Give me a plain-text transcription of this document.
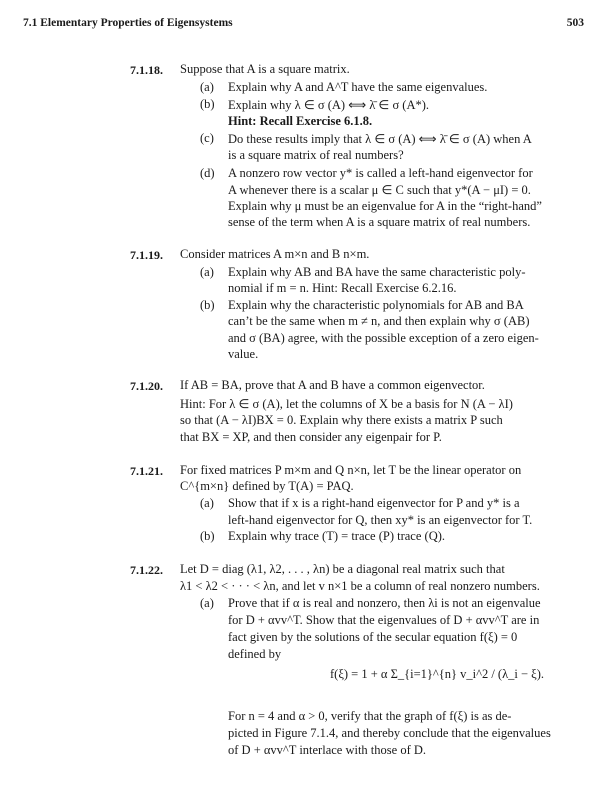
7.1 Elementary Properties of Eigensystems	503
7.1.18. Suppose that A is a square matrix.
(a) Explain why A and A^T have the same eigenvalues.
(b) Explain why λ ∈ σ (A) ⟺ λ̄ ∈ σ (A*).
Hint: Recall Exercise 6.1.8.
(c) Do these results imply that λ ∈ σ (A) ⟺ λ̄ ∈ σ (A) when A
is a square matrix of real numbers?
(d) A nonzero row vector y* is called a left-hand eigenvector for
A whenever there is a scalar μ ∈ C such that y*(A − μI) = 0.
Explain why μ must be an eigenvalue for A in the “right-hand”
sense of the term when A is a square matrix of real numbers.
7.1.19. Consider matrices A m×n and B n×m.
(a) Explain why AB and BA have the same characteristic poly-
nomial if m = n. Hint: Recall Exercise 6.2.16.
(b) Explain why the characteristic polynomials for AB and BA
can’t be the same when m ≠ n, and then explain why σ (AB)
and σ (BA) agree, with the possible exception of a zero eigen-
value.
7.1.20. If AB = BA, prove that A and B have a common eigenvector.
Hint: For λ ∈ σ (A), let the columns of X be a basis for N (A − λI)
so that (A − λI)BX = 0. Explain why there exists a matrix P such
that BX = XP, and then consider any eigenpair for P.
7.1.21. For fixed matrices P m×m and Q n×n, let T be the linear operator on
C^{m×n} defined by T(A) = PAQ.
(a) Show that if x is a right-hand eigenvector for P and y* is a
left-hand eigenvector for Q, then xy* is an eigenvector for T.
(b) Explain why trace (T) = trace (P) trace (Q).
7.1.22. Let D = diag (λ1, λ2, . . . , λn) be a diagonal real matrix such that
λ1 < λ2 < · · · < λn, and let v n×1 be a column of real nonzero numbers.
(a) Prove that if α is real and nonzero, then λi is not an eigenvalue
for D + αvv^T. Show that the eigenvalues of D + αvv^T are in
fact given by the solutions of the secular equation f(ξ) = 0
defined by
f(ξ) = 1 + α Σ_{i=1}^{n} v_i^2 / (λ_i − ξ).
For n = 4 and α > 0, verify that the graph of f(ξ) is as de-
picted in Figure 7.1.4, and thereby conclude that the eigenvalues
of D + αvv^T interlace with those of D.
